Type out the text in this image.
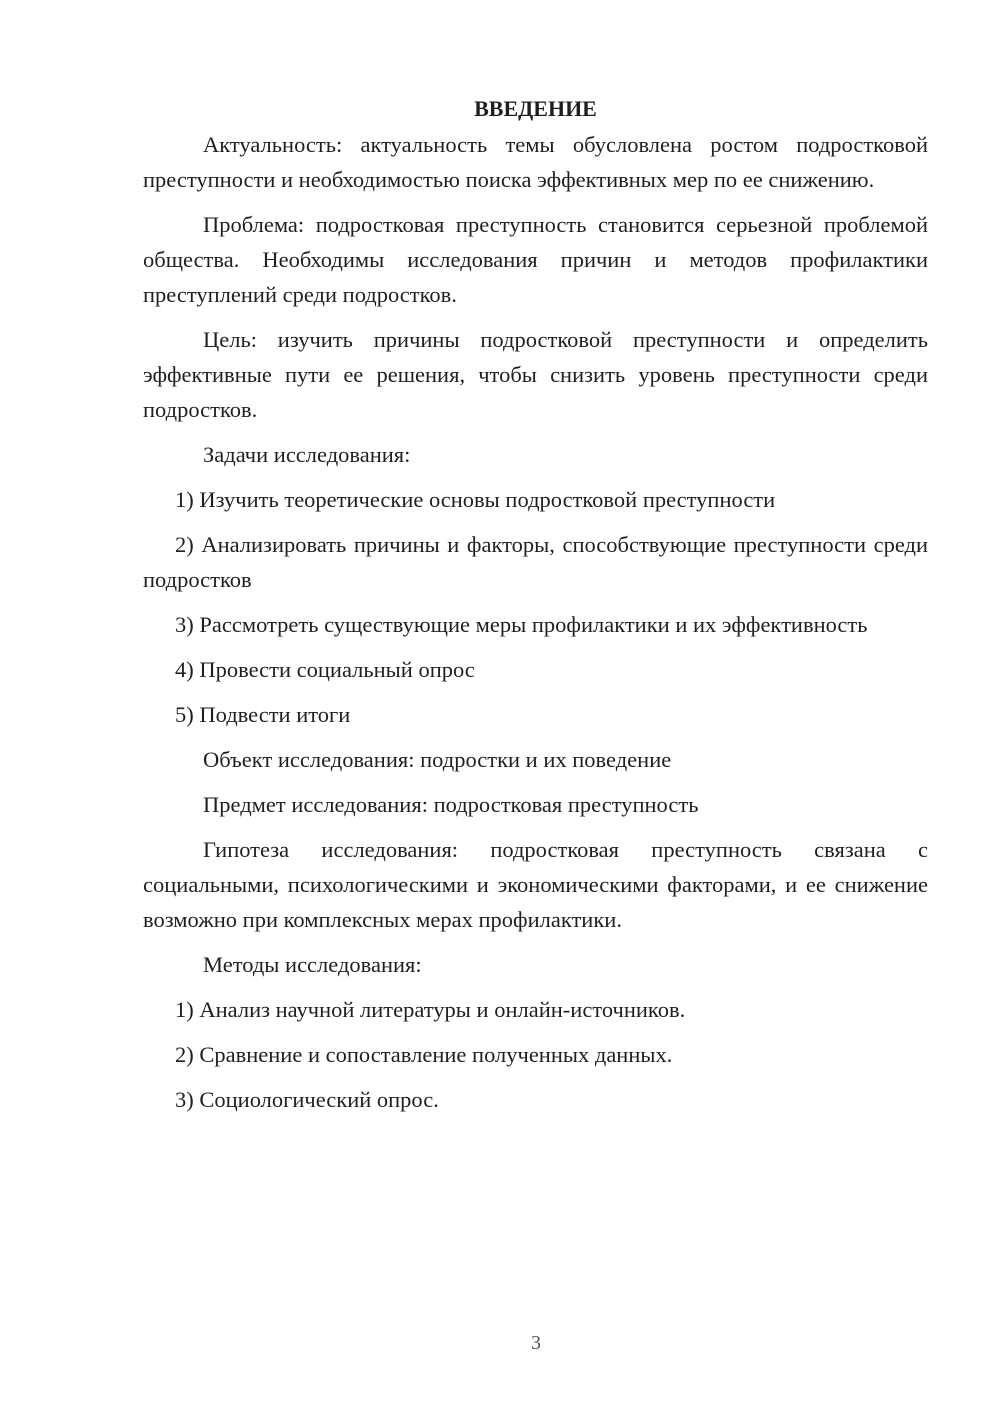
ВВЕДЕНИЕ

Актуальность: актуальность темы обусловлена ростом подростковой преступности и необходимостью поиска эффективных мер по ее снижению.

Проблема: подростковая преступность становится серьезной проблемой общества. Необходимы исследования причин и методов профилактики преступлений среди подростков.

Цель: изучить причины подростковой преступности и определить эффективные пути ее решения, чтобы снизить уровень преступности среди подростков.

Задачи исследования:

1) Изучить теоретические основы подростковой преступности

2) Анализировать причины и факторы, способствующие преступности среди подростков

3) Рассмотреть существующие меры профилактики и их эффективность

4) Провести социальный опрос

5) Подвести итоги

Объект исследования: подростки и их поведение

Предмет исследования: подростковая преступность

Гипотеза исследования: подростковая преступность связана с социальными, психологическими и экономическими факторами, и ее снижение возможно при комплексных мерах профилактики.

Методы исследования:

1) Анализ научной литературы и онлайн-источников.

2) Сравнение и сопоставление полученных данных.

3) Социологический опрос.

3
